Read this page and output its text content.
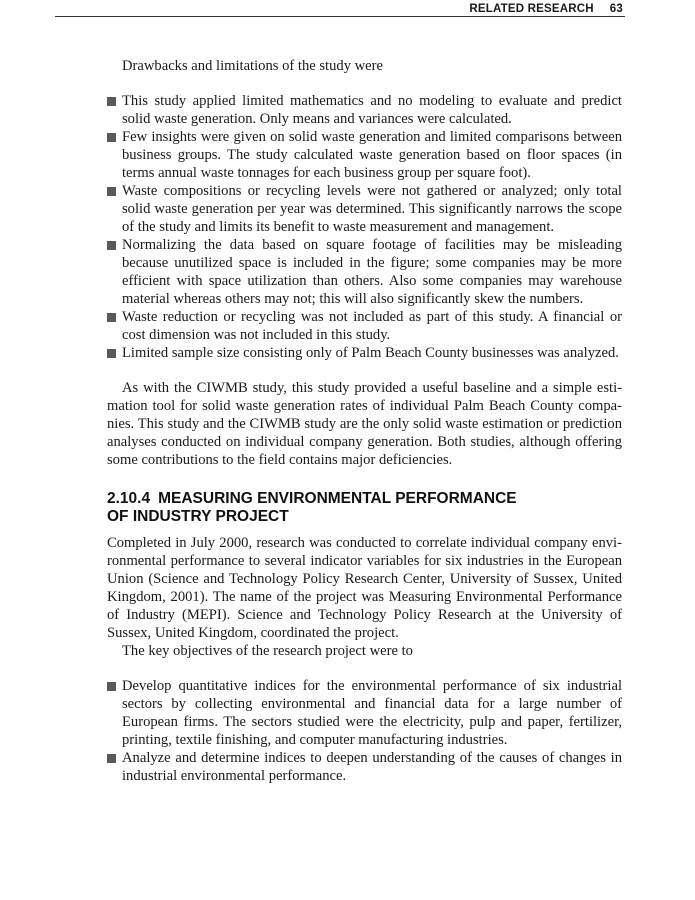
RELATED RESEARCH 63

Drawbacks and limitations of the study were

This study applied limited mathematics and no modeling to evaluate and predict solid waste generation. Only means and variances were calculated.
Few insights were given on solid waste generation and limited comparisons between business groups. The study calculated waste generation based on floor spaces (in terms annual waste tonnages for each business group per square foot).
Waste compositions or recycling levels were not gathered or analyzed; only total solid waste generation per year was determined. This significantly narrows the scope of the study and limits its benefit to waste measurement and management.
Normalizing the data based on square footage of facilities may be misleading because unutilized space is included in the figure; some companies may be more efficient with space utilization than others. Also some companies may warehouse material whereas others may not; this will also significantly skew the numbers.
Waste reduction or recycling was not included as part of this study. A financial or cost dimension was not included in this study.
Limited sample size consisting only of Palm Beach County businesses was analyzed.

As with the CIWMB study, this study provided a useful baseline and a simple estimation tool for solid waste generation rates of individual Palm Beach County companies. This study and the CIWMB study are the only solid waste estimation or prediction analyses conducted on individual company generation. Both studies, although offering some contributions to the field contains major deficiencies.

2.10.4 MEASURING ENVIRONMENTAL PERFORMANCE
OF INDUSTRY PROJECT

Completed in July 2000, research was conducted to correlate individual company environmental performance to several indicator variables for six industries in the European Union (Science and Technology Policy Research Center, University of Sussex, United Kingdom, 2001). The name of the project was Measuring Environmental Performance of Industry (MEPI). Science and Technology Policy Research at the University of Sussex, United Kingdom, coordinated the project.

The key objectives of the research project were to

Develop quantitative indices for the environmental performance of six industrial sectors by collecting environmental and financial data for a large number of European firms. The sectors studied were the electricity, pulp and paper, fertilizer, printing, textile finishing, and computer manufacturing industries.
Analyze and determine indices to deepen understanding of the causes of changes in industrial environmental performance.
